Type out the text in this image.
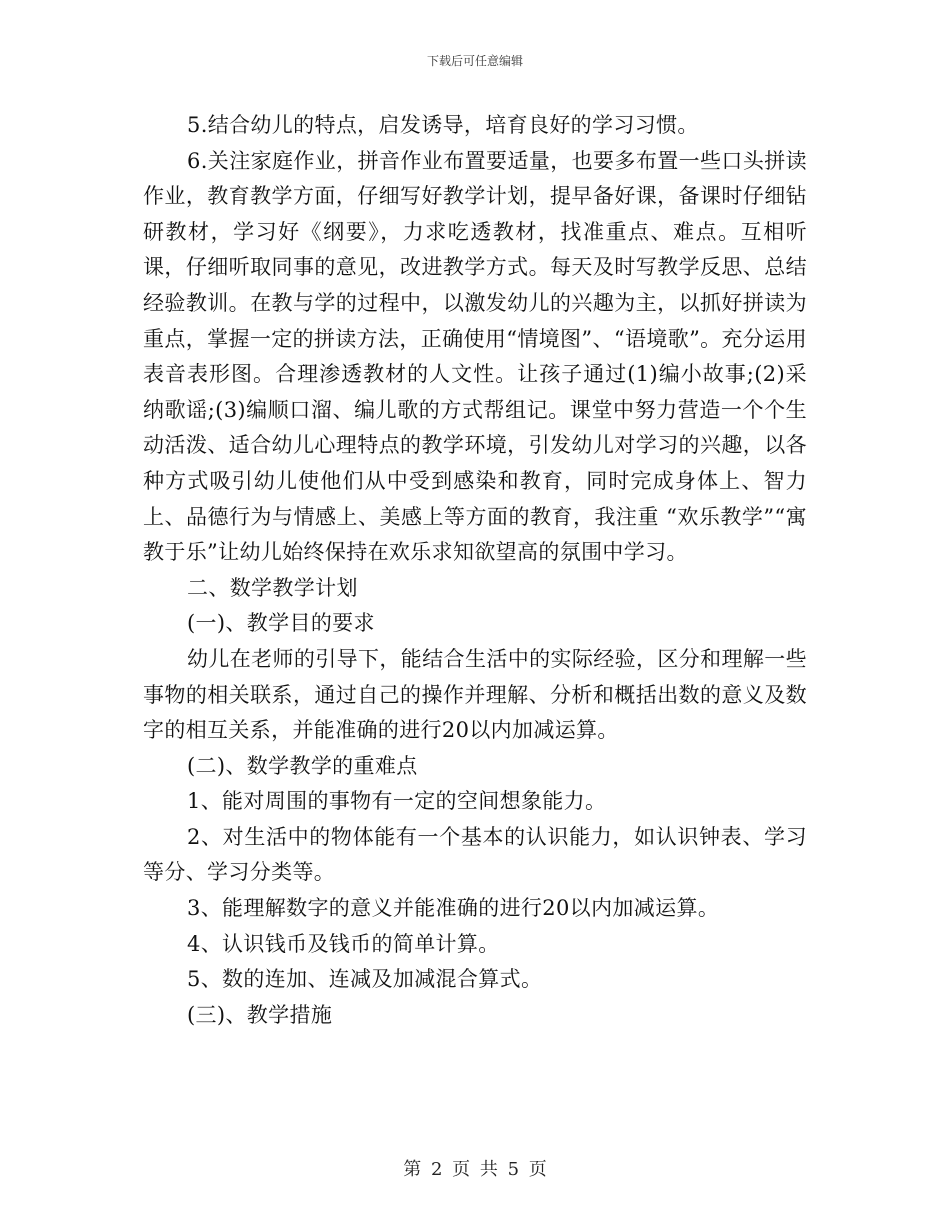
下载后可任意编辑

5.结合幼儿的特点，启发诱导，培育良好的学习习惯。

6.关注家庭作业，拼音作业布置要适量，也要多布置一些口头拼读作业，教育教学方面，仔细写好教学计划，提早备好课，备课时仔细钻研教材，学习好《纲要》，力求吃透教材，找准重点、难点。互相听课，仔细听取同事的意见，改进教学方式。每天及时写教学反思、总结经验教训。在教与学的过程中，以激发幼儿的兴趣为主，以抓好拼读为重点，掌握一定的拼读方法，正确使用“情境图”、“语境歌”。充分运用表音表形图。合理渗透教材的人文性。让孩子通过(1)编小故事;(2)采纳歌谣;(3)编顺口溜、编儿歌的方式帮组记。课堂中努力营造一个个生动活泼、适合幼儿心理特点的教学环境，引发幼儿对学习的兴趣，以各种方式吸引幼儿使他们从中受到感染和教育，同时完成身体上、智力上、品德行为与情感上、美感上等方面的教育，我注重 “欢乐教学”“寓教于乐”让幼儿始终保持在欢乐求知欲望高的氛围中学习。

二、数学教学计划

(一)、教学目的要求

幼儿在老师的引导下，能结合生活中的实际经验，区分和理解一些事物的相关联系，通过自己的操作并理解、分析和概括出数的意义及数字的相互关系，并能准确的进行20以内加减运算。

(二)、数学教学的重难点

1、能对周围的事物有一定的空间想象能力。

2、对生活中的物体能有一个基本的认识能力，如认识钟表、学习等分、学习分类等。

3、能理解数字的意义并能准确的进行20以内加减运算。

4、认识钱币及钱币的简单计算。

5、数的连加、连减及加减混合算式。

(三)、教学措施

第 2 页 共 5 页
